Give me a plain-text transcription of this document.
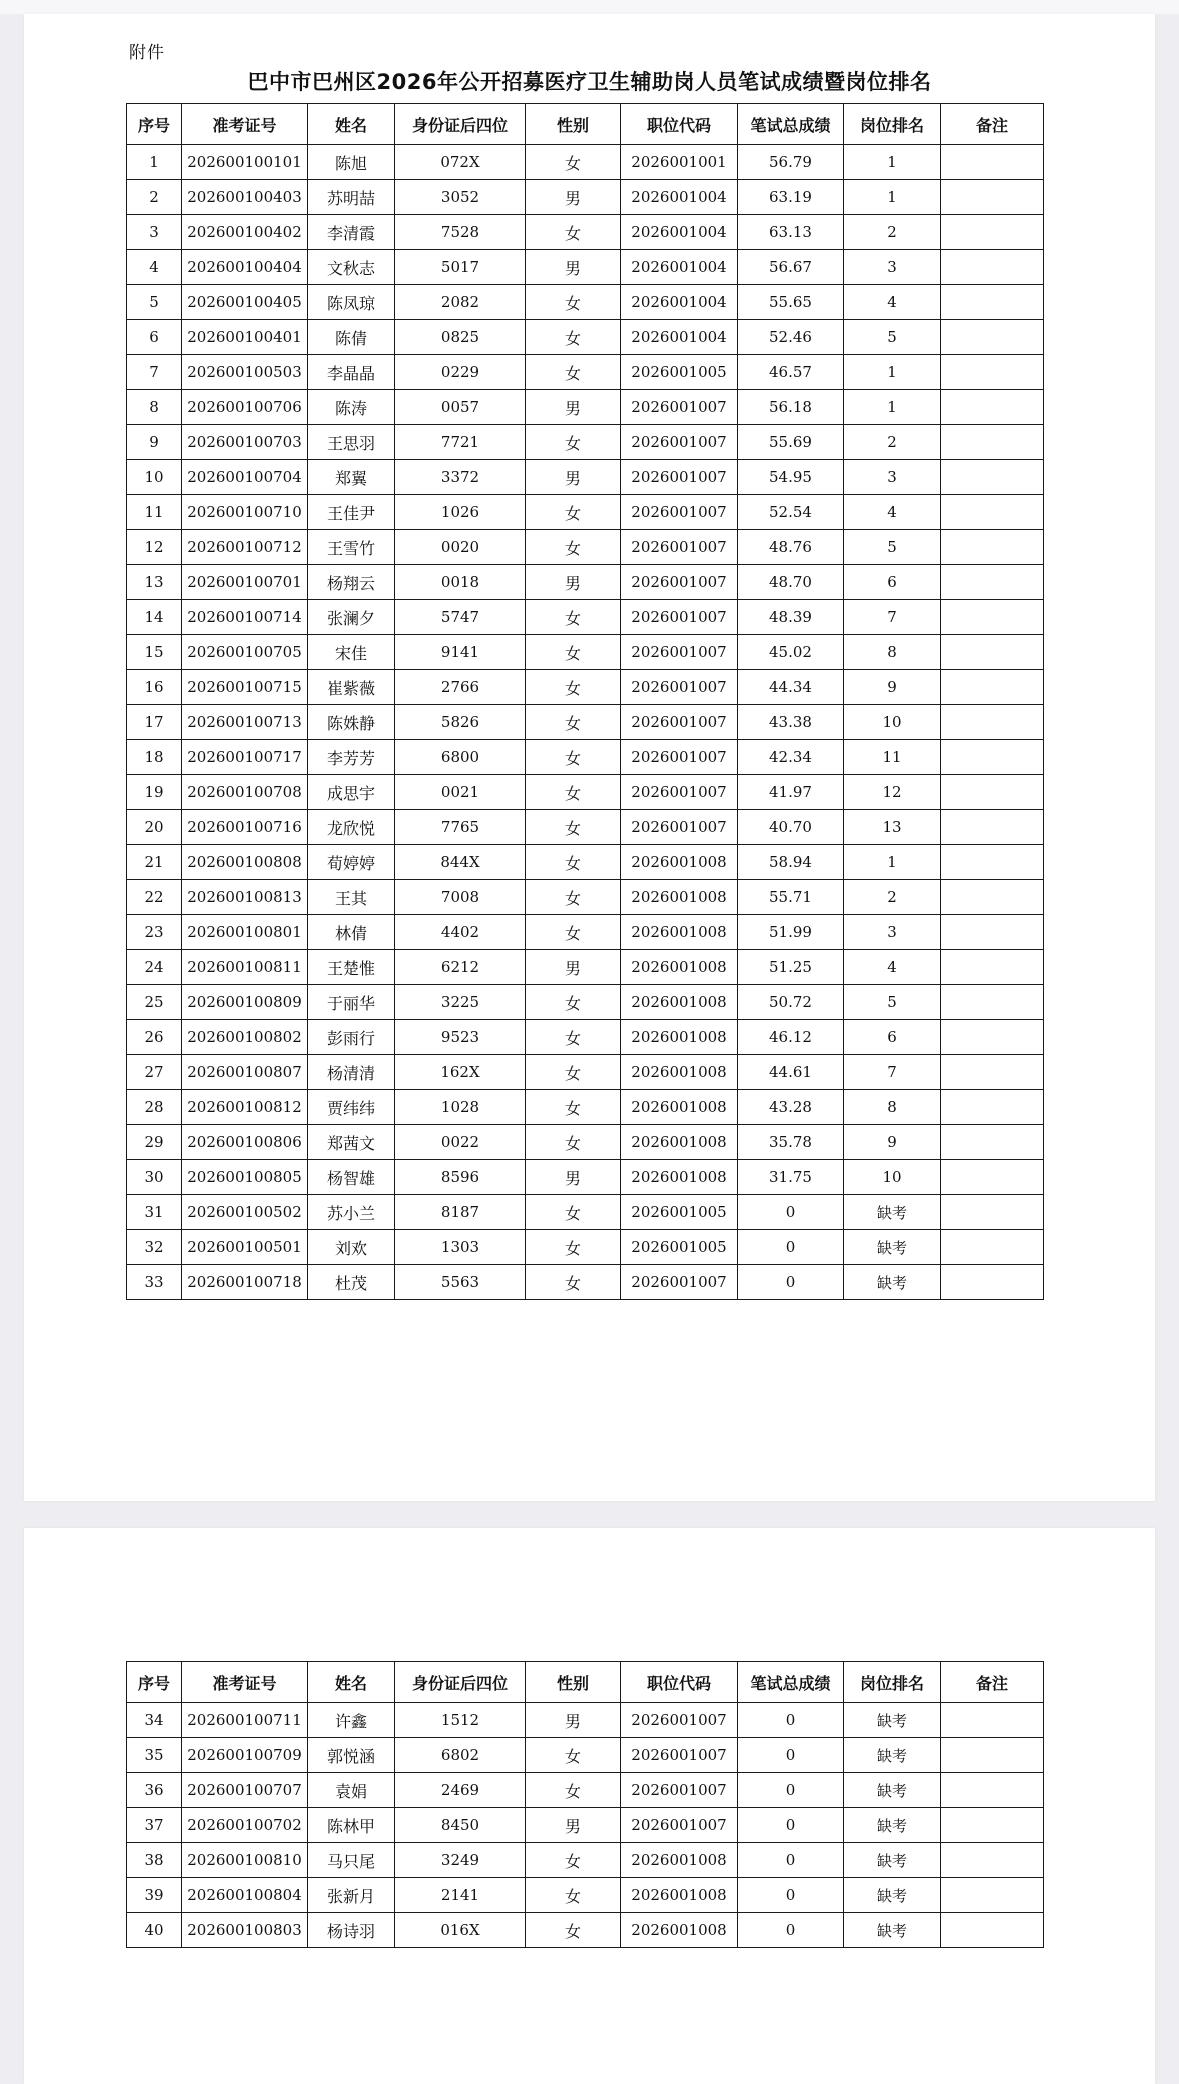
附件
巴中市巴州区2026年公开招募医疗卫生辅助岗人员笔试成绩暨岗位排名
序号	准考证号	姓名	身份证后四位	性别	职位代码	笔试总成绩	岗位排名	备注
1	202600100101	陈旭	072X	女	2026001001	56.79	1	
2	202600100403	苏明喆	3052	男	2026001004	63.19	1	
3	202600100402	李清霞	7528	女	2026001004	63.13	2	
4	202600100404	文秋志	5017	男	2026001004	56.67	3	
5	202600100405	陈凤琼	2082	女	2026001004	55.65	4	
6	202600100401	陈倩	0825	女	2026001004	52.46	5	
7	202600100503	李晶晶	0229	女	2026001005	46.57	1	
8	202600100706	陈涛	0057	男	2026001007	56.18	1	
9	202600100703	王思羽	7721	女	2026001007	55.69	2	
10	202600100704	郑翼	3372	男	2026001007	54.95	3	
11	202600100710	王佳尹	1026	女	2026001007	52.54	4	
12	202600100712	王雪竹	0020	女	2026001007	48.76	5	
13	202600100701	杨翔云	0018	男	2026001007	48.70	6	
14	202600100714	张澜夕	5747	女	2026001007	48.39	7	
15	202600100705	宋佳	9141	女	2026001007	45.02	8	
16	202600100715	崔紫薇	2766	女	2026001007	44.34	9	
17	202600100713	陈姝静	5826	女	2026001007	43.38	10	
18	202600100717	李芳芳	6800	女	2026001007	42.34	11	
19	202600100708	成思宇	0021	女	2026001007	41.97	12	
20	202600100716	龙欣悦	7765	女	2026001007	40.70	13	
21	202600100808	荀婷婷	844X	女	2026001008	58.94	1	
22	202600100813	王其	7008	女	2026001008	55.71	2	
23	202600100801	林倩	4402	女	2026001008	51.99	3	
24	202600100811	王楚惟	6212	男	2026001008	51.25	4	
25	202600100809	于丽华	3225	女	2026001008	50.72	5	
26	202600100802	彭雨行	9523	女	2026001008	46.12	6	
27	202600100807	杨清清	162X	女	2026001008	44.61	7	
28	202600100812	贾纬纬	1028	女	2026001008	43.28	8	
29	202600100806	郑茜文	0022	女	2026001008	35.78	9	
30	202600100805	杨智雄	8596	男	2026001008	31.75	10	
31	202600100502	苏小兰	8187	女	2026001005	0	缺考	
32	202600100501	刘欢	1303	女	2026001005	0	缺考	
33	202600100718	杜茂	5563	女	2026001007	0	缺考	
序号	准考证号	姓名	身份证后四位	性别	职位代码	笔试总成绩	岗位排名	备注
34	202600100711	许鑫	1512	男	2026001007	0	缺考	
35	202600100709	郭悦涵	6802	女	2026001007	0	缺考	
36	202600100707	袁娟	2469	女	2026001007	0	缺考	
37	202600100702	陈林甲	8450	男	2026001007	0	缺考	
38	202600100810	马只尾	3249	女	2026001008	0	缺考	
39	202600100804	张新月	2141	女	2026001008	0	缺考	
40	202600100803	杨诗羽	016X	女	2026001008	0	缺考	
